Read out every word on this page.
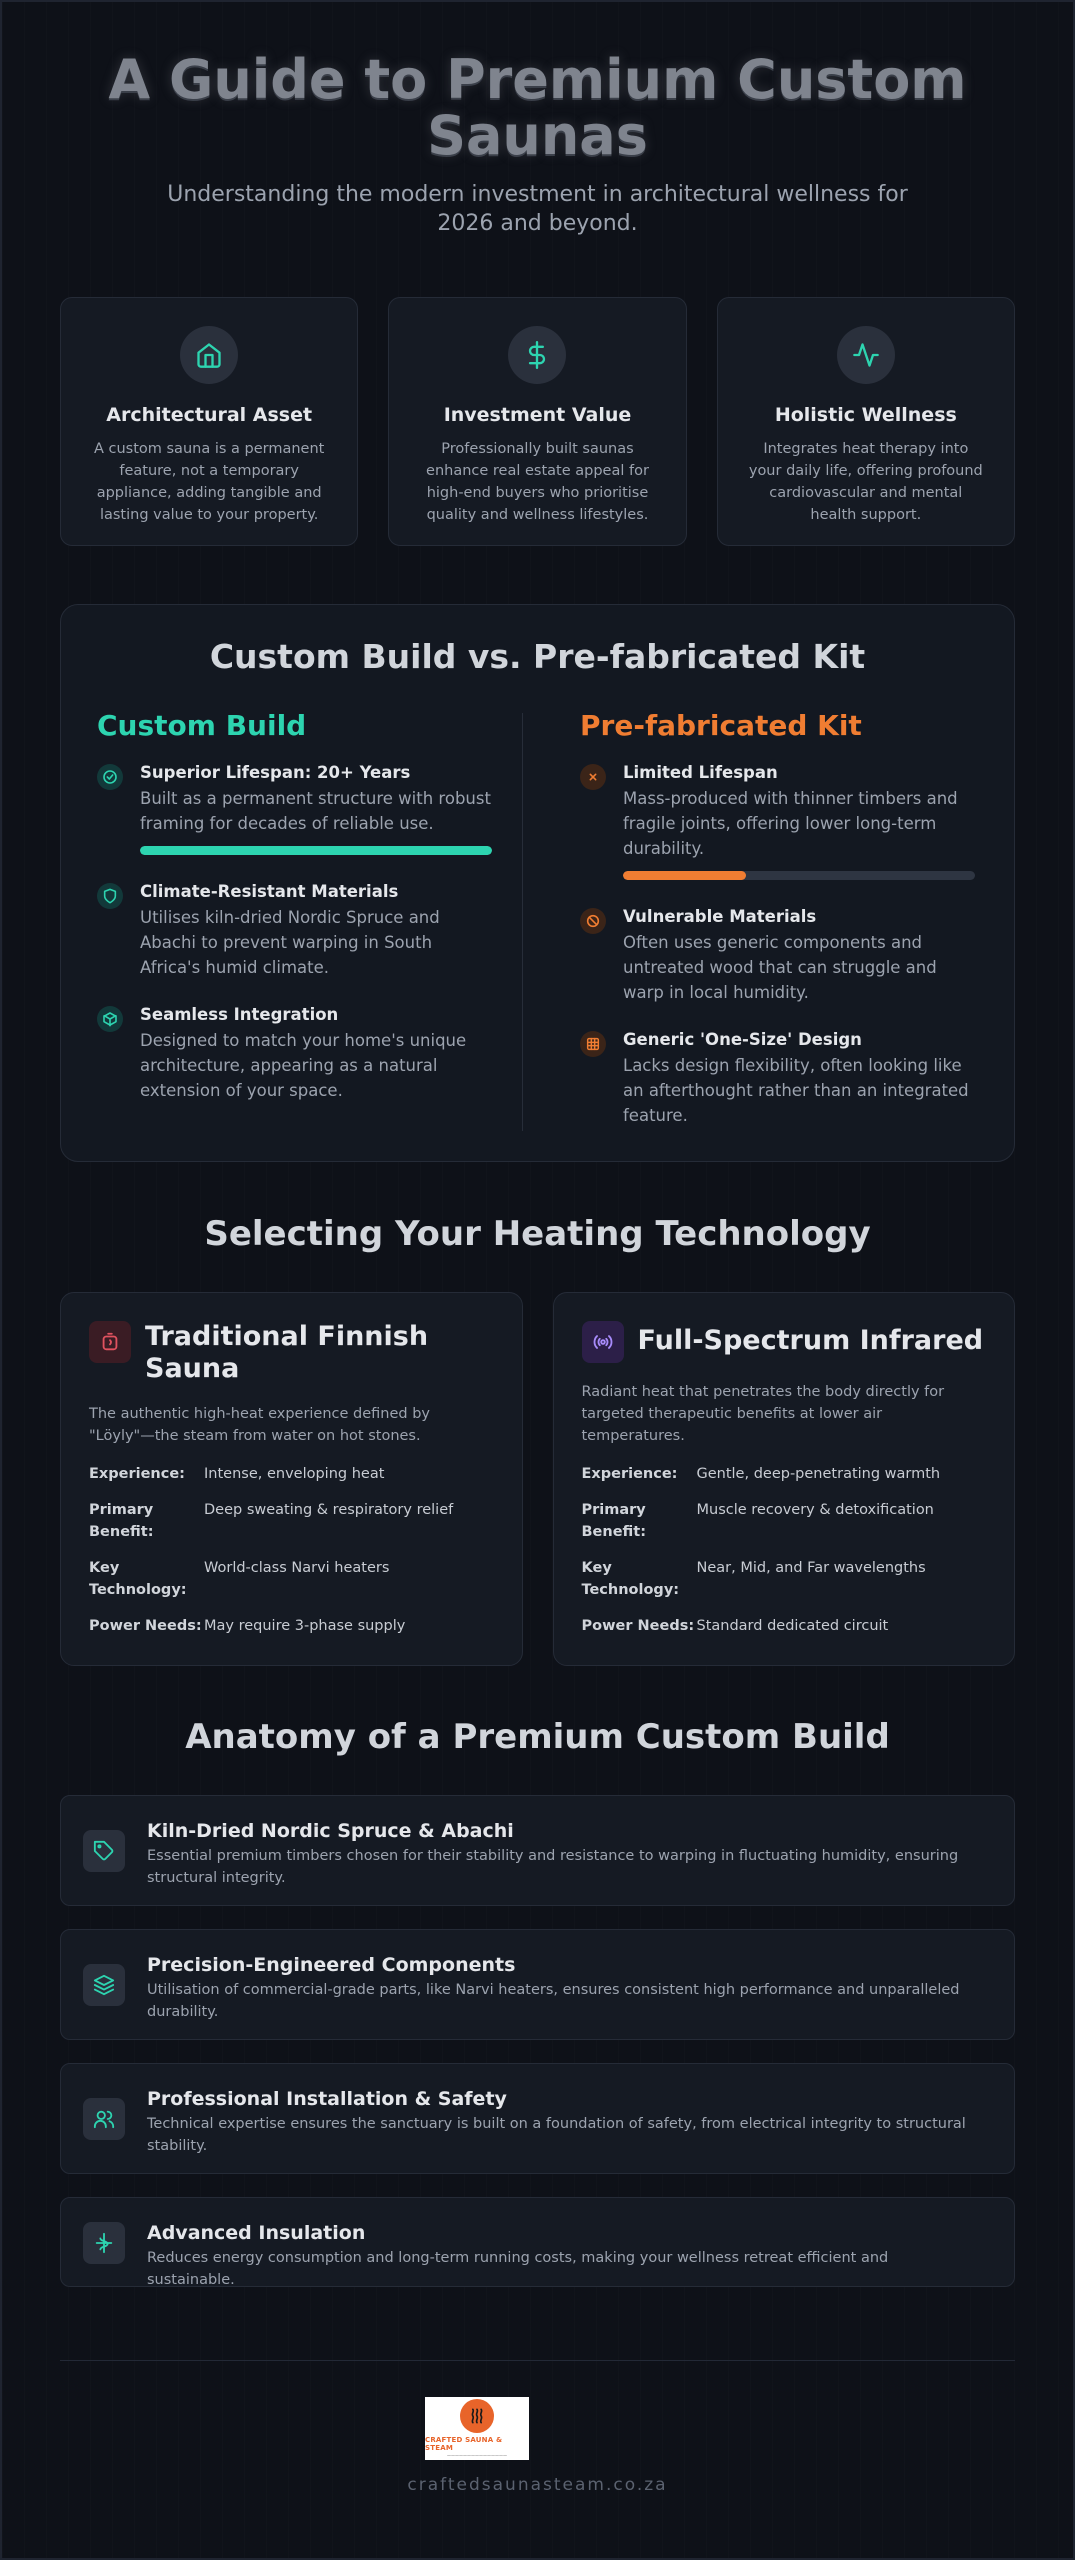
A Guide to Premium Custom Saunas

Understanding the modern investment in architectural wellness for 2026 and beyond.

Architectural Asset

A custom sauna is a permanent feature, not a temporary appliance, adding tangible and lasting value to your property.

Investment Value

Professionally built saunas enhance real estate appeal for high-end buyers who prioritise quality and wellness lifestyles.

Holistic Wellness

Integrates heat therapy into your daily life, offering profound cardiovascular and mental health support.

Custom Build vs. Pre-fabricated Kit
Custom Build
Superior Lifespan: 20+ Years

Built as a permanent structure with robust framing for decades of reliable use.

Climate-Resistant Materials

Utilises kiln-dried Nordic Spruce and Abachi to prevent warping in South Africa's humid climate.

Seamless Integration

Designed to match your home's unique architecture, appearing as a natural extension of your space.

Pre-fabricated Kit
Limited Lifespan

Mass-produced with thinner timbers and fragile joints, offering lower long-term durability.

Vulnerable Materials

Often uses generic components and untreated wood that can struggle and warp in local humidity.

Generic 'One-Size' Design

Lacks design flexibility, often looking like an afterthought rather than an integrated feature.

Selecting Your Heating Technology
Traditional Finnish Sauna

The authentic high-heat experience defined by "Löyly"—the steam from water on hot stones.

Experience:	Intense, enveloping heat
Primary Benefit:
Deep sweating & respiratory relief
Key Technology:
World-class Narvi heaters
Power Needs: May require 3-phase supply
Full-Spectrum Infrared

Radiant heat that penetrates the body directly for targeted therapeutic benefits at lower air temperatures.

Experience:	Gentle, deep-penetrating warmth
Primary Benefit:
Muscle recovery & detoxification
Key Technology:
Near, Mid, and Far wavelengths
Power Needs: Standard dedicated circuit
Anatomy of a Premium Custom Build
Kiln-Dried Nordic Spruce & Abachi

Essential premium timbers chosen for their stability and resistance to warping in fluctuating humidity, ensuring structural integrity.

Precision-Engineered Components

Utilisation of commercial-grade parts, like Narvi heaters, ensures consistent high performance and unparalleled durability.

Professional Installation & Safety

Technical expertise ensures the sanctuary is built on a foundation of safety, from electrical integrity to structural stability.

Advanced Insulation

Reduces energy consumption and long-term running costs, making your wellness retreat efficient and sustainable.

CRAFTED SAUNA & STEAM
———————————————
craftedsaunasteam.co.za
